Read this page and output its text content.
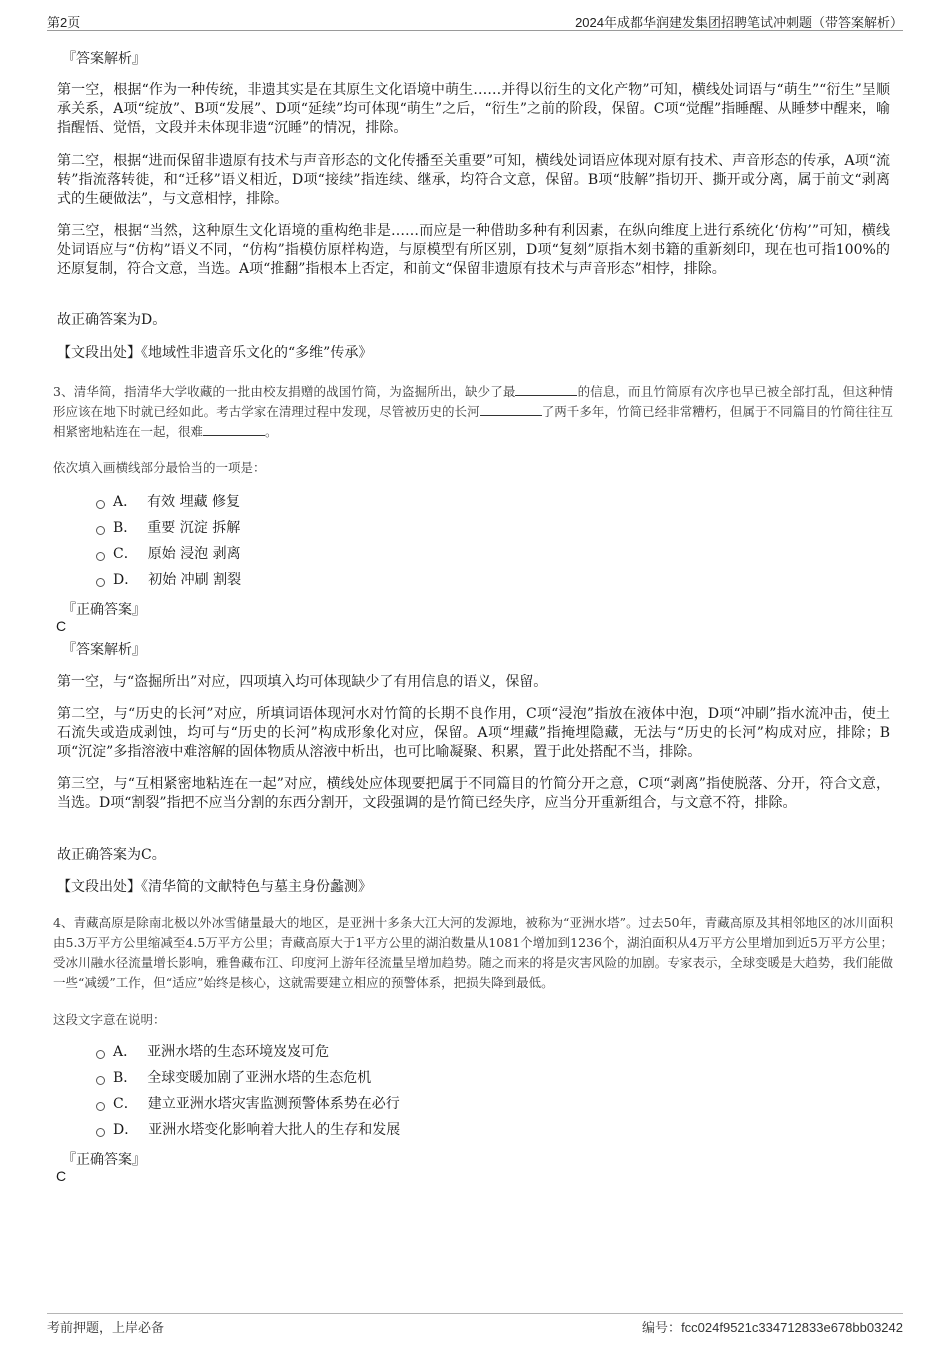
第2页	2024年成都华润建发集团招聘笔试冲刺题（带答案解析）
『答案解析』
第一空，根据“作为一种传统，非遗其实是在其原生文化语境中萌生……并得以衍生的文化产物”可知，横线处词语与“萌生”“衍生”呈顺承关系，A项“绽放”、B项“发展”、D项“延续”均可体现“萌生”之后，“衍生”之前的阶段，保留。C项“觉醒”指睡醒、从睡梦中醒来，喻指醒悟、觉悟，文段并未体现非遗“沉睡”的情况，排除。
第二空，根据“进而保留非遗原有技术与声音形态的文化传播至关重要”可知，横线处词语应体现对原有技术、声音形态的传承，A项“流转”指流落转徙，和“迁移”语义相近，D项“接续”指连续、继承，均符合文意，保留。B项“肢解”指切开、撕开或分离，属于前文“剥离式的生硬做法”，与文意相悖，排除。
第三空，根据“当然，这种原生文化语境的重构绝非是……而应是一种借助多种有利因素，在纵向维度上进行系统化‘仿构’”可知，横线处词语应与“仿构”语义不同，“仿构”指模仿原样构造，与原模型有所区别，D项“复刻”原指木刻书籍的重新刻印，现在也可指100%的还原复制，符合文意，当选。A项“推翻”指根本上否定，和前文“保留非遗原有技术与声音形态”相悖，排除。
故正确答案为D。
【文段出处】《地域性非遗音乐文化的“多维”传承》
3、清华简，指清华大学收藏的一批由校友捐赠的战国竹简，为盗掘所出，缺少了最	的信息，而且竹简原有次序也早已被全部打乱，但这种情形应该在地下时就已经如此。考古学家在清理过程中发现，尽管被历史的长河	了两千多年，竹简已经非常糟朽，但属于不同篇目的竹简往往互相紧密地粘连在一起，很难	。
依次填入画横线部分最恰当的一项是：
A． 有效 埋藏 修复
B． 重要 沉淀 拆解
C． 原始 浸泡 剥离
D． 初始 冲刷 割裂
『正确答案』
C
『答案解析』
第一空，与“盗掘所出”对应，四项填入均可体现缺少了有用信息的语义，保留。
第二空，与“历史的长河”对应，所填词语体现河水对竹简的长期不良作用，C项“浸泡”指放在液体中泡，D项“冲刷”指水流冲击，使土石流失或造成剥蚀，均可与“历史的长河”构成形象化对应，保留。A项“埋藏”指掩埋隐藏，无法与“历史的长河”构成对应，排除；B项“沉淀”多指溶液中难溶解的固体物质从溶液中析出，也可比喻凝聚、积累，置于此处搭配不当，排除。
第三空，与“互相紧密地粘连在一起”对应，横线处应体现要把属于不同篇目的竹简分开之意，C项“剥离”指使脱落、分开，符合文意，当选。D项“割裂”指把不应当分割的东西分割开，文段强调的是竹简已经失序，应当分开重新组合，与文意不符，排除。
故正确答案为C。
【文段出处】《清华简的文献特色与墓主身份蠡测》
4、青藏高原是除南北极以外冰雪储量最大的地区，是亚洲十多条大江大河的发源地，被称为“亚洲水塔”。过去50年，青藏高原及其相邻地区的冰川面积由5.3万平方公里缩减至4.5万平方公里；青藏高原大于1平方公里的湖泊数量从1081个增加到1236个，湖泊面积从4万平方公里增加到近5万平方公里；受冰川融水径流量增长影响，雅鲁藏布江、印度河上游年径流量呈增加趋势。随之而来的将是灾害风险的加剧。专家表示，全球变暖是大趋势，我们能做一些“减缓”工作，但“适应”始终是核心，这就需要建立相应的预警体系，把损失降到最低。
这段文字意在说明：
A． 亚洲水塔的生态环境岌岌可危
B． 全球变暖加剧了亚洲水塔的生态危机
C． 建立亚洲水塔灾害监测预警体系势在必行
D． 亚洲水塔变化影响着大批人的生存和发展
『正确答案』
C
考前押题，上岸必备	编号：fcc024f9521c334712833e678bb03242
